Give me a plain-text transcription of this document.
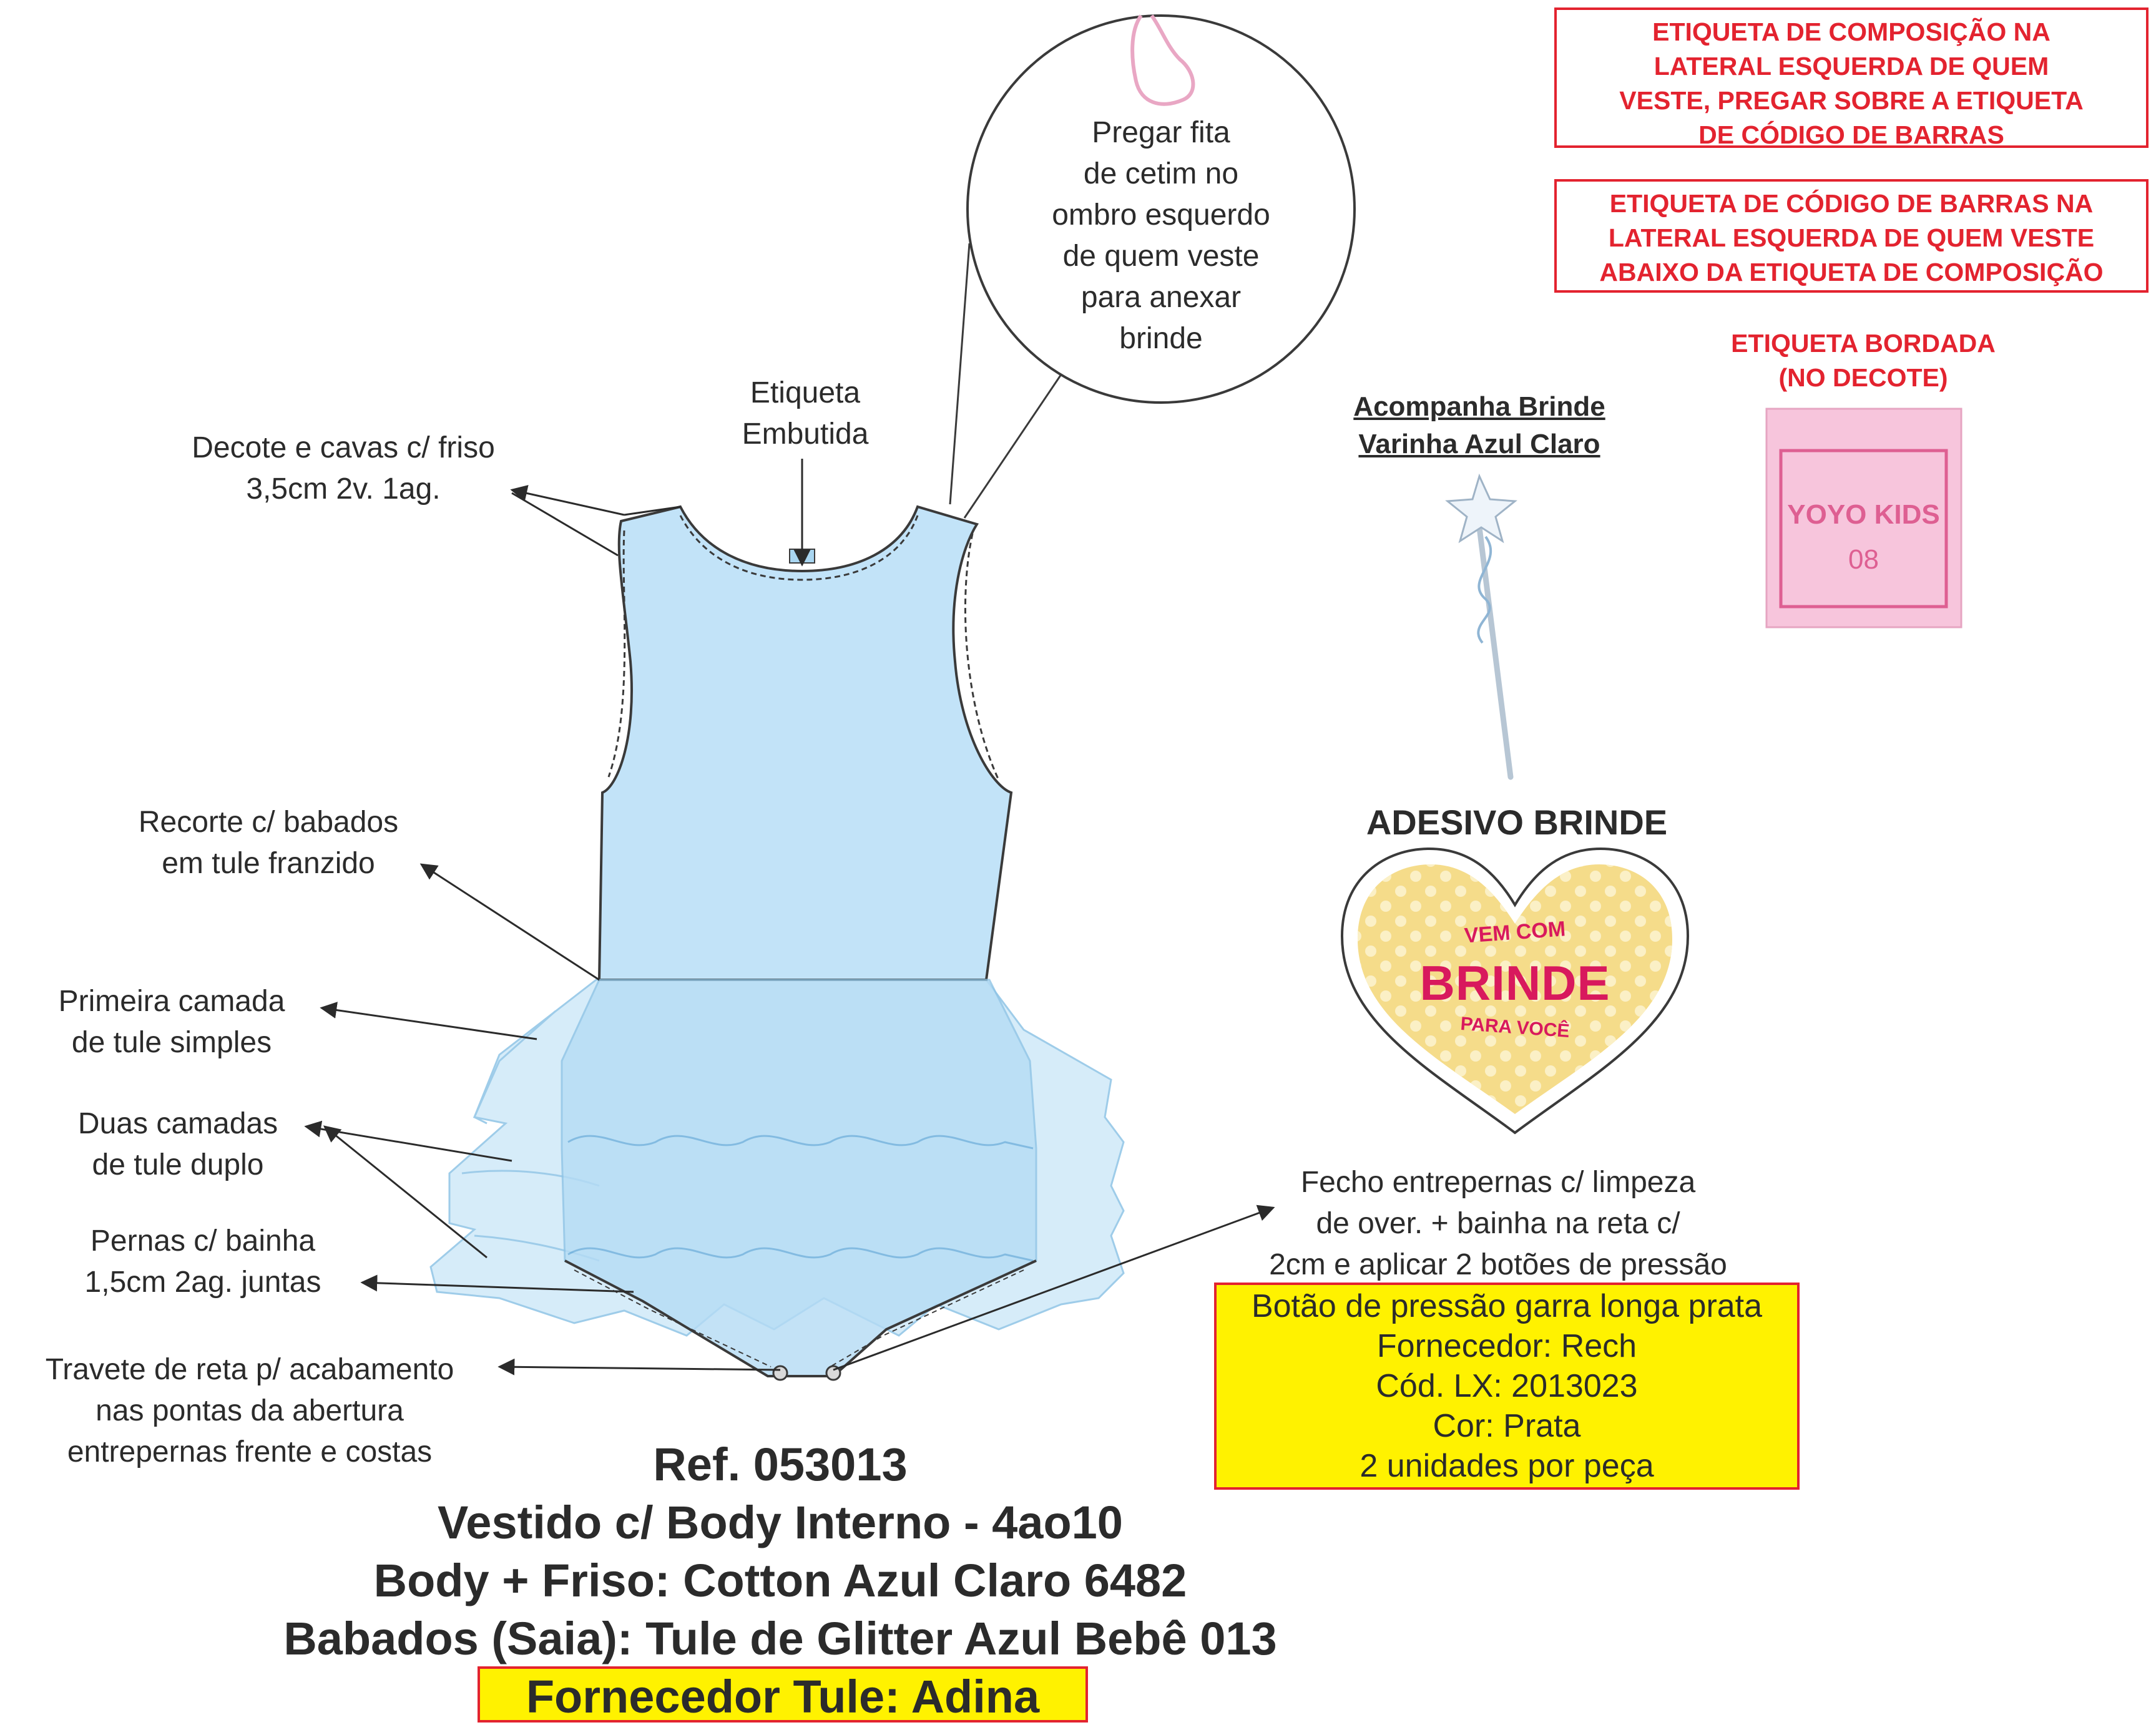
Pregar fita
de cetim no
ombro esquerdo
de quem veste
para anexar
brinde
Etiqueta
Embutida
Decote e cavas c/ friso
3,5cm 2v. 1ag.
Recorte c/ babados
em tule franzido
Primeira camada
de tule simples
Duas camadas
de tule duplo
Pernas c/ bainha
1,5cm 2ag. juntas
Travete de reta p/ acabamento
nas pontas da abertura
entrepernas frente e costas
Fecho entrepernas c/ limpeza
de over. + bainha na reta c/
2cm e aplicar 2 botões de pressão
ETIQUETA DE COMPOSIÇÃO NA
LATERAL ESQUERDA DE QUEM
VESTE, PREGAR SOBRE A ETIQUETA
DE CÓDIGO DE BARRAS
ETIQUETA DE CÓDIGO DE BARRAS NA
LATERAL ESQUERDA DE QUEM VESTE
ABAIXO DA ETIQUETA DE COMPOSIÇÃO
ETIQUETA BORDADA
(NO DECOTE)
YOYO KIDS
08
Acompanha Brinde
Varinha Azul Claro
ADESIVO BRINDE
VEM COM
BRINDE
PARA VOCÊ
Botão de pressão garra longa prata
Fornecedor: Rech
Cód. LX: 2013023
Cor: Prata
2 unidades por peça
Ref. 053013
Vestido c/ Body Interno - 4ao10
Body + Friso: Cotton Azul Claro 6482
Babados (Saia): Tule de Glitter Azul Bebê 013
Fornecedor Tule: Adina
